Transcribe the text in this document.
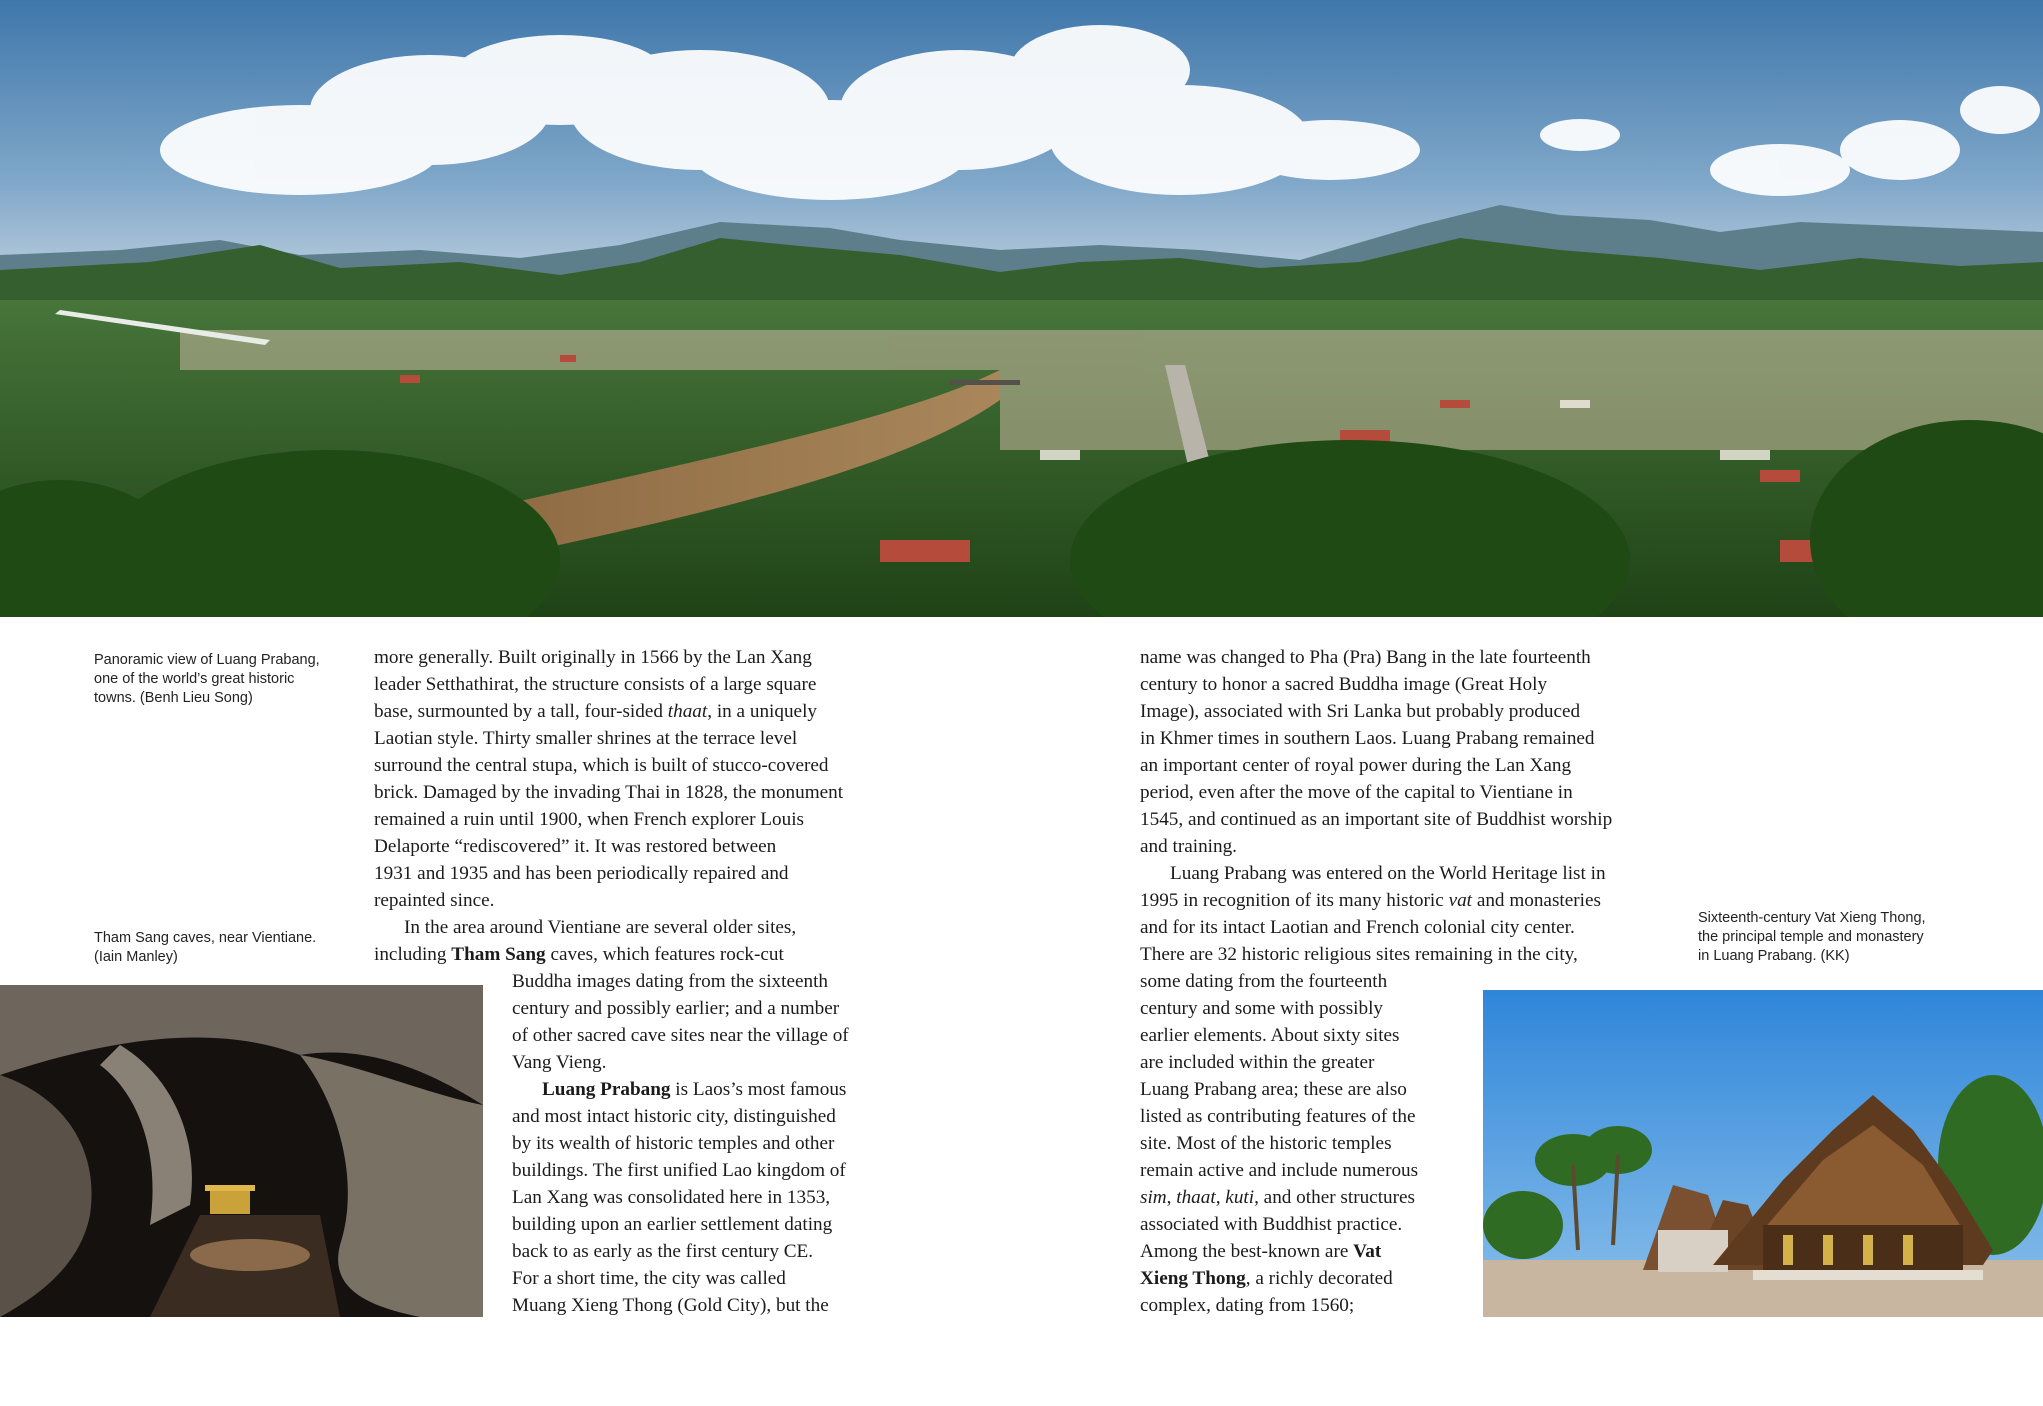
Panoramic view of Luang Prabang,

one of the world’s great historic

towns. (Benh Lieu Song)

Tham Sang caves, near Vientiane.

(Iain Manley)

Sixteenth-century Vat Xieng Thong,

the principal temple and monastery

in Luang Prabang. (KK)

more generally. Built originally in 1566 by the Lan Xang

leader Setthathirat, the structure consists of a large square

base, surmounted by a tall, four-sided thaat, in a uniquely

Laotian style. Thirty smaller shrines at the terrace level

surround the central stupa, which is built of stucco-covered

brick. Damaged by the invading Thai in 1828, the monument

remained a ruin until 1900, when French explorer Louis

Delaporte “rediscovered” it. It was restored between

1931 and 1935 and has been periodically repaired and

repainted since.

In the area around Vientiane are several older sites,

including Tham Sang caves, which features rock-cut

Buddha images dating from the sixteenth

century and possibly earlier; and a number

of other sacred cave sites near the village of

Vang Vieng.

Luang Prabang is Laos’s most famous

and most intact historic city, distinguished

by its wealth of historic temples and other

buildings. The first unified Lao kingdom of

Lan Xang was consolidated here in 1353,

building upon an earlier settlement dating

back to as early as the first century CE.

For a short time, the city was called

Muang Xieng Thong (Gold City), but the

name was changed to Pha (Pra) Bang in the late fourteenth

century to honor a sacred Buddha image (Great Holy

Image), associated with Sri Lanka but probably produced

in Khmer times in southern Laos. Luang Prabang remained

an important center of royal power during the Lan Xang

period, even after the move of the capital to Vientiane in

1545, and continued as an important site of Buddhist worship

and training.

Luang Prabang was entered on the World Heritage list in

1995 in recognition of its many historic vat and monasteries

and for its intact Laotian and French colonial city center.

There are 32 historic religious sites remaining in the city,

some dating from the fourteenth

century and some with possibly

earlier elements. About sixty sites

are included within the greater

Luang Prabang area; these are also

listed as contributing features of the

site. Most of the historic temples

remain active and include numerous

sim, thaat, kuti, and other structures

associated with Buddhist practice.

Among the best-known are Vat

Xieng Thong, a richly decorated

complex, dating from 1560;
